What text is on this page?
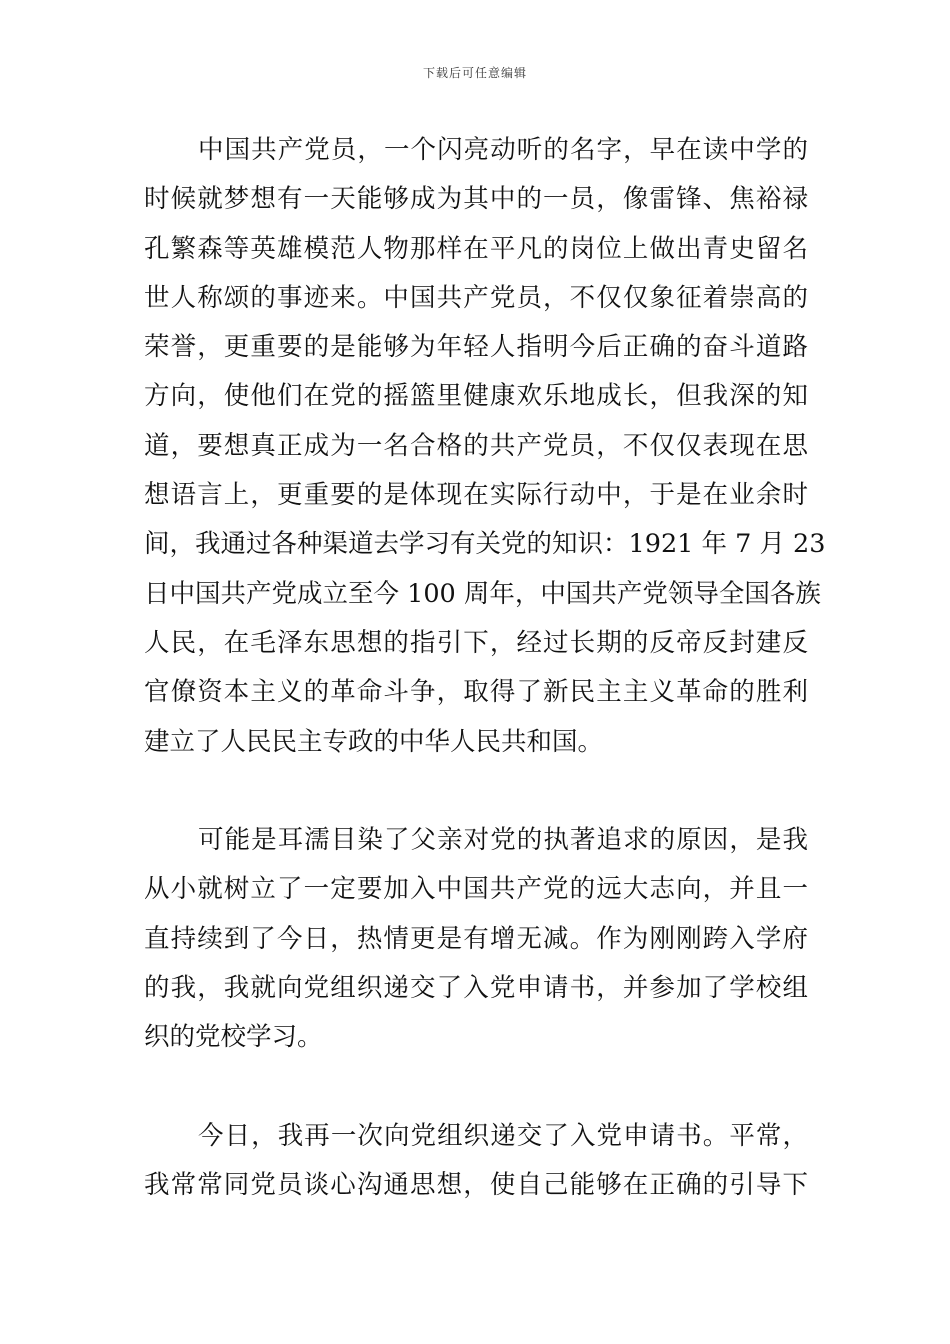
下载后可任意编辑
中国共产党员，一个闪亮动听的名字，早在读中学的
时候就梦想有一天能够成为其中的一员，像雷锋、焦裕禄
孔繁森等英雄模范人物那样在平凡的岗位上做出青史留名
世人称颂的事迹来。中国共产党员，不仅仅象征着崇高的
荣誉，更重要的是能够为年轻人指明今后正确的奋斗道路
方向，使他们在党的摇篮里健康欢乐地成长，但我深的知
道，要想真正成为一名合格的共产党员，不仅仅表现在思
想语言上，更重要的是体现在实际行动中，于是在业余时
间，我通过各种渠道去学习有关党的知识：1921 年 7 月 23
日中国共产党成立至今 100 周年，中国共产党领导全国各族
人民，在毛泽东思想的指引下，经过长期的反帝反封建反
官僚资本主义的革命斗争，取得了新民主主义革命的胜利
建立了人民民主专政的中华人民共和国。
可能是耳濡目染了父亲对党的执著追求的原因，是我
从小就树立了一定要加入中国共产党的远大志向，并且一
直持续到了今日，热情更是有增无减。作为刚刚跨入学府
的我，我就向党组织递交了入党申请书，并参加了学校组
织的党校学习。
今日，我再一次向党组织递交了入党申请书。平常，
我常常同党员谈心沟通思想，使自己能够在正确的引导下
